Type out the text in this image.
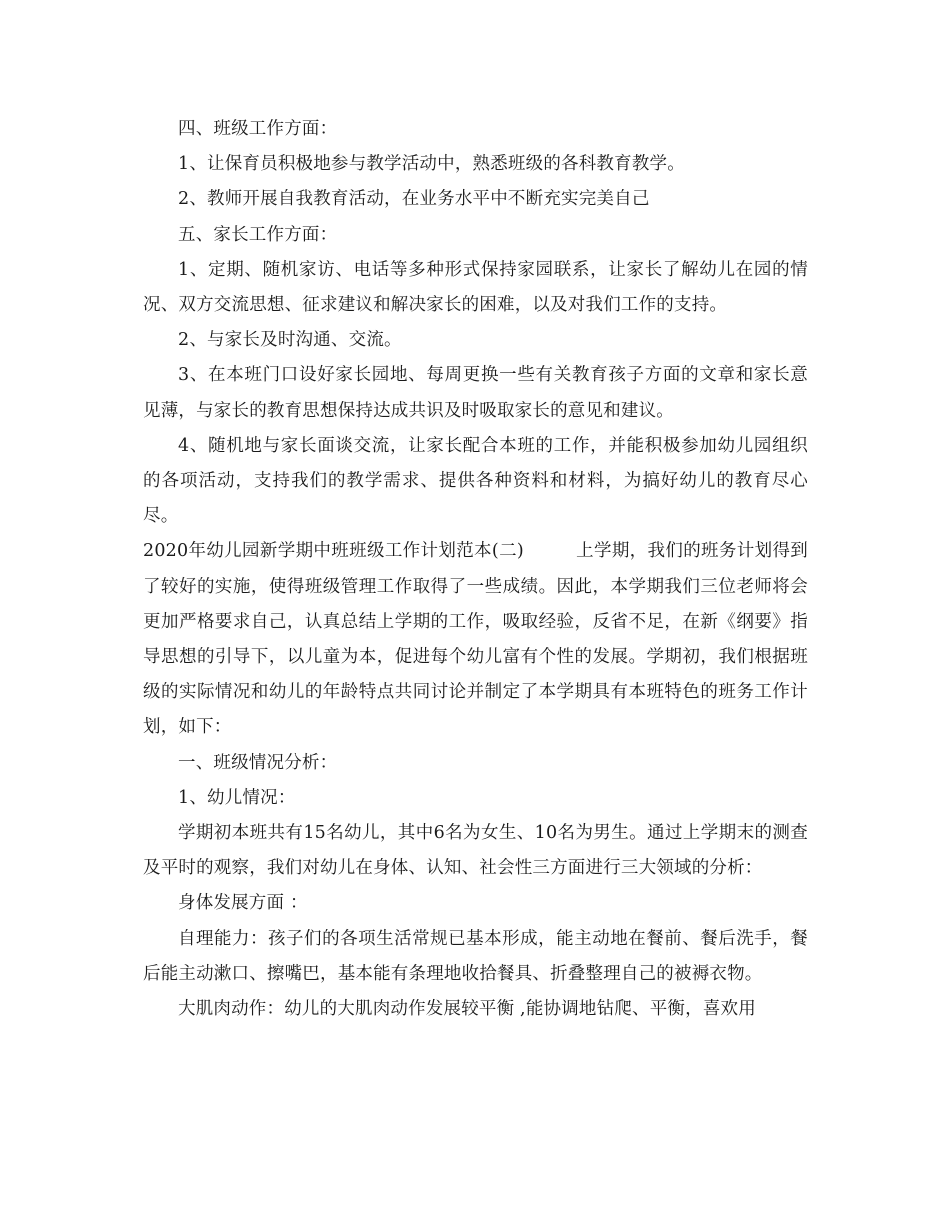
四、班级工作方面：

1、让保育员积极地参与教学活动中，熟悉班级的各科教育教学。

2、教师开展自我教育活动，在业务水平中不断充实完美自己

五、家长工作方面：

1、定期、随机家访、电话等多种形式保持家园联系，让家长了解幼儿在园的情况、双方交流思想、征求建议和解决家长的困难，以及对我们工作的支持。

2、与家长及时沟通、交流。

3、在本班门口设好家长园地、每周更换一些有关教育孩子方面的文章和家长意见薄，与家长的教育思想保持达成共识及时吸取家长的意见和建议。

4、随机地与家长面谈交流，让家长配合本班的工作，并能积极参加幼儿园组织的各项活动，支持我们的教学需求、提供各种资料和材料，为搞好幼儿的教育尽心尽。

2020年幼儿园新学期中班班级工作计划范本(二)	上学期，我们的班务计划得到了较好的实施，使得班级管理工作取得了一些成绩。因此，本学期我们三位老师将会更加严格要求自己，认真总结上学期的工作，吸取经验，反省不足，在新《纲要》指导思想的引导下，以儿童为本，促进每个幼儿富有个性的发展。学期初，我们根据班级的实际情况和幼儿的年龄特点共同讨论并制定了本学期具有本班特色的班务工作计划，如下：

一、班级情况分析：

1、幼儿情况：

学期初本班共有15名幼儿，其中6名为女生、10名为男生。通过上学期末的测查及平时的观察，我们对幼儿在身体、认知、社会性三方面进行三大领域的分析：

身体发展方面 ：

自理能力：孩子们的各项生活常规已基本形成，能主动地在餐前、餐后洗手，餐后能主动漱口、擦嘴巴，基本能有条理地收拾餐具、折叠整理自己的被褥衣物。

大肌肉动作：幼儿的大肌肉动作发展较平衡 ,能协调地钻爬、平衡，喜欢用
